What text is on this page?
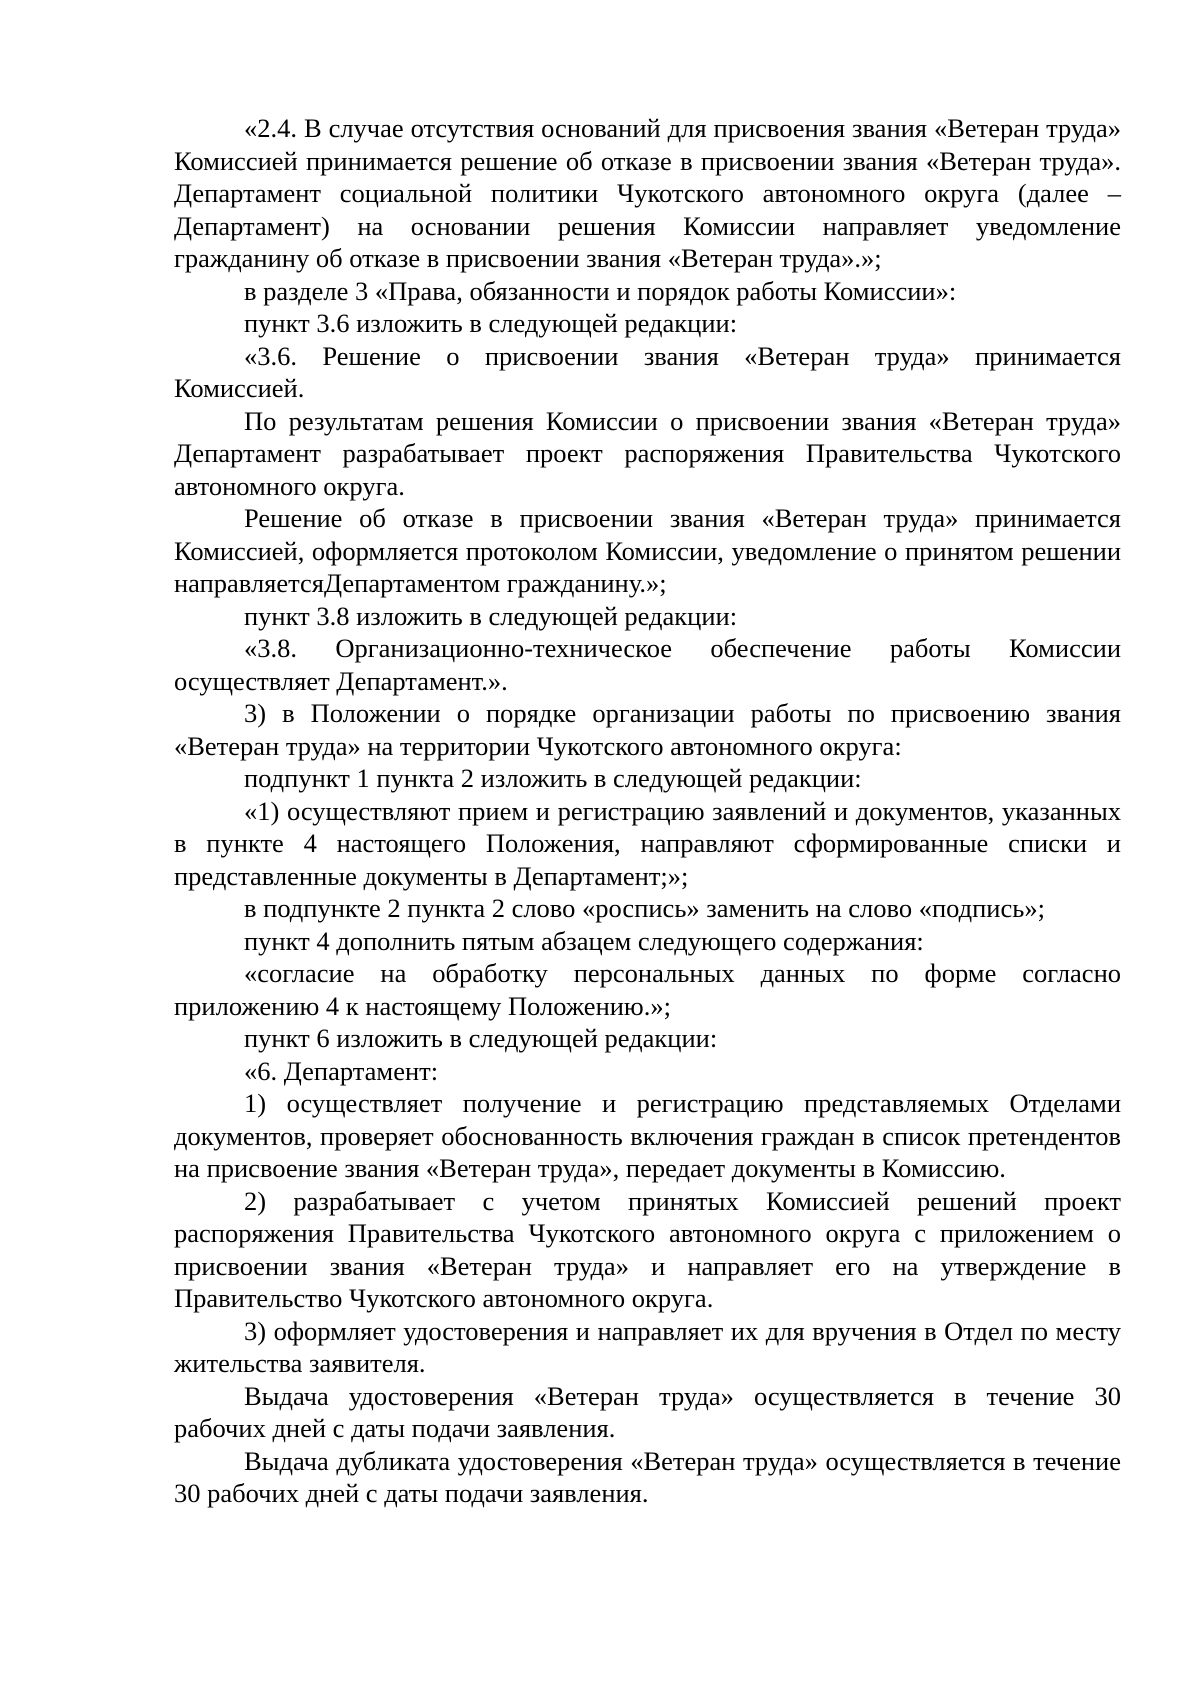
«2.4. В случае отсутствия оснований для присвоения звания «Ветеран труда» Комиссией принимается решение об отказе в присвоении звания «Ветеран труда». Департамент социальной политики Чукотского автономного округа (далее – Департамент) на основании решения Комиссии направляет уведомление гражданину об отказе в присвоении звания «Ветеран труда».»;

в разделе 3 «Права, обязанности и порядок работы Комиссии»:

пункт 3.6 изложить в следующей редакции:

«3.6. Решение о присвоении звания «Ветеран труда» принимается Комиссией.

По результатам решения Комиссии о присвоении звания «Ветеран труда» Департамент разрабатывает проект распоряжения Правительства Чукотского автономного округа.

Решение об отказе в присвоении звания «Ветеран труда» принимается Комиссией, оформляется протоколом Комиссии, уведомление о принятом решении направляетсяДепартаментом гражданину.»;

пункт 3.8 изложить в следующей редакции:

«3.8. Организационно-техническое обеспечение работы Комиссии осуществляет Департамент.».

3) в Положении о порядке организации работы по присвоению звания «Ветеран труда» на территории Чукотского автономного округа:

подпункт 1 пункта 2 изложить в следующей редакции:

«1) осуществляют прием и регистрацию заявлений и документов, указанных в пункте 4 настоящего Положения, направляют сформированные списки и представленные документы в Департамент;»;

в подпункте 2 пункта 2 слово «роспись» заменить на слово «подпись»;

пункт 4 дополнить пятым абзацем следующего содержания:

«согласие на обработку персональных данных по форме согласно приложению 4 к настоящему Положению.»;

пункт 6 изложить в следующей редакции:

«6. Департамент:

1) осуществляет получение и регистрацию представляемых Отделами документов, проверяет обоснованность включения граждан в список претендентов на присвоение звания «Ветеран труда», передает документы в Комиссию.

2) разрабатывает с учетом принятых Комиссией решений проект распоряжения Правительства Чукотского автономного округа с приложением о присвоении звания «Ветеран труда» и направляет его на утверждение в Правительство Чукотского автономного округа.

3) оформляет удостоверения и направляет их для вручения в Отдел по месту жительства заявителя.

Выдача удостоверения «Ветеран труда» осуществляется в течение 30 рабочих дней с даты подачи заявления.

Выдача дубликата удостоверения «Ветеран труда» осуществляется в течение 30 рабочих дней с даты подачи заявления.
